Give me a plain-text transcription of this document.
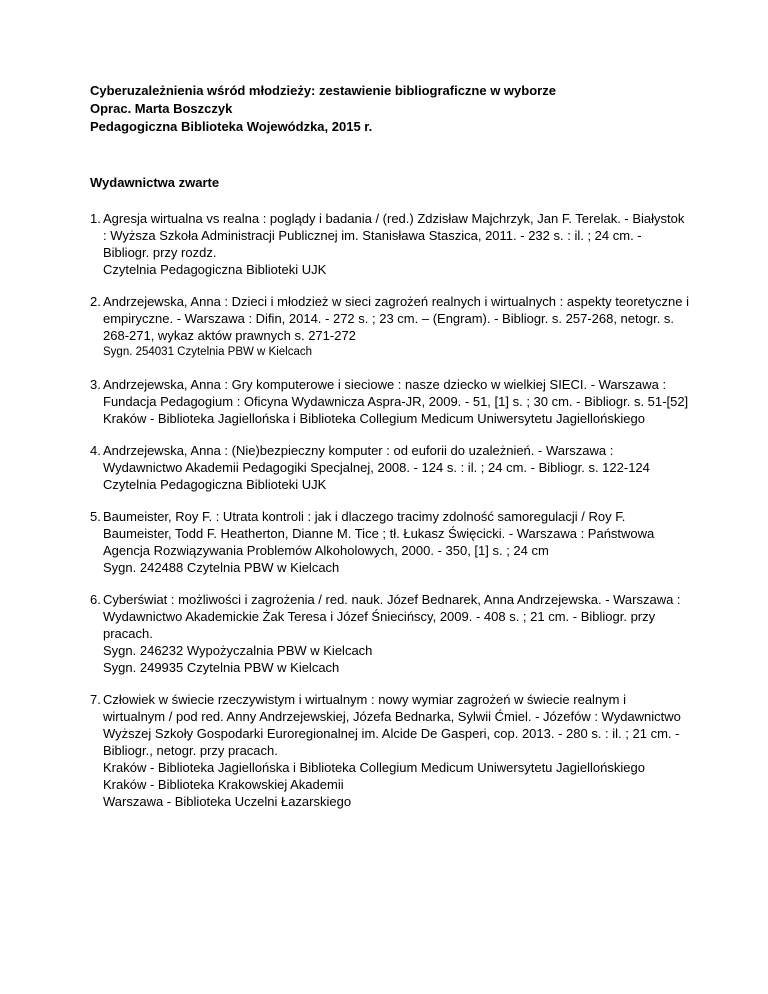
Cyberuzależnienia wśród młodzieży: zestawienie bibliograficzne w wyborze

Oprac. Marta Boszczyk

Pedagogiczna Biblioteka Wojewódzka, 2015 r.

Wydawnictwa zwarte

1. Agresja wirtualna vs realna : poglądy i badania / (red.) Zdzisław Majchrzyk, Jan F. Terelak. - Białystok : Wyższa Szkoła Administracji Publicznej im. Stanisława Staszica, 2011. - 232 s. : il. ; 24 cm. - Bibliogr. przy rozdz.
Czytelnia Pedagogiczna Biblioteki UJK
2. Andrzejewska, Anna : Dzieci i młodzież w sieci zagrożeń realnych i wirtualnych : aspekty teoretyczne i empiryczne. - Warszawa : Difin, 2014. - 272 s. ; 23 cm. – (Engram). - Bibliogr. s. 257-268, netogr. s. 268-271, wykaz aktów prawnych s. 271-272
Sygn. 254031 Czytelnia PBW w Kielcach
3. Andrzejewska, Anna : Gry komputerowe i sieciowe : nasze dziecko w wielkiej SIECI. - Warszawa : Fundacja Pedagogium : Oficyna Wydawnicza Aspra-JR, 2009. - 51, [1] s. ; 30 cm. - Bibliogr. s. 51-[52]
Kraków - Biblioteka Jagiellońska i Biblioteka Collegium Medicum Uniwersytetu Jagiellońskiego
4. Andrzejewska, Anna : (Nie)bezpieczny komputer : od euforii do uzależnień. - Warszawa : Wydawnictwo Akademii Pedagogiki Specjalnej, 2008. - 124 s. : il. ; 24 cm. - Bibliogr. s. 122-124
Czytelnia Pedagogiczna Biblioteki UJK
5. Baumeister, Roy F. : Utrata kontroli : jak i dlaczego tracimy zdolność samoregulacji / Roy F. Baumeister, Todd F. Heatherton, Dianne M. Tice ; tł. Łukasz Święcicki. - Warszawa : Państwowa Agencja Rozwiązywania Problemów Alkoholowych, 2000. - 350, [1] s. ; 24 cm
Sygn. 242488 Czytelnia PBW w Kielcach
6. Cyberświat : możliwości i zagrożenia / red. nauk. Józef Bednarek, Anna Andrzejewska. - Warszawa : Wydawnictwo Akademickie Żak Teresa i Józef Śniecińscy, 2009. - 408 s. ; 21 cm. - Bibliogr. przy pracach.
Sygn. 246232 Wypożyczalnia PBW w Kielcach
Sygn. 249935 Czytelnia PBW w Kielcach
7. Człowiek w świecie rzeczywistym i wirtualnym : nowy wymiar zagrożeń w świecie realnym i wirtualnym / pod red. Anny Andrzejewskiej, Józefa Bednarka, Sylwii Ćmiel. - Józefów : Wydawnictwo Wyższej Szkoły Gospodarki Euroregionalnej im. Alcide De Gasperi, cop. 2013. - 280 s. : il. ; 21 cm. - Bibliogr., netogr. przy pracach.
Kraków - Biblioteka Jagiellońska i Biblioteka Collegium Medicum Uniwersytetu Jagiellońskiego
Kraków - Biblioteka Krakowskiej Akademii
Warszawa - Biblioteka Uczelni Łazarskiego
